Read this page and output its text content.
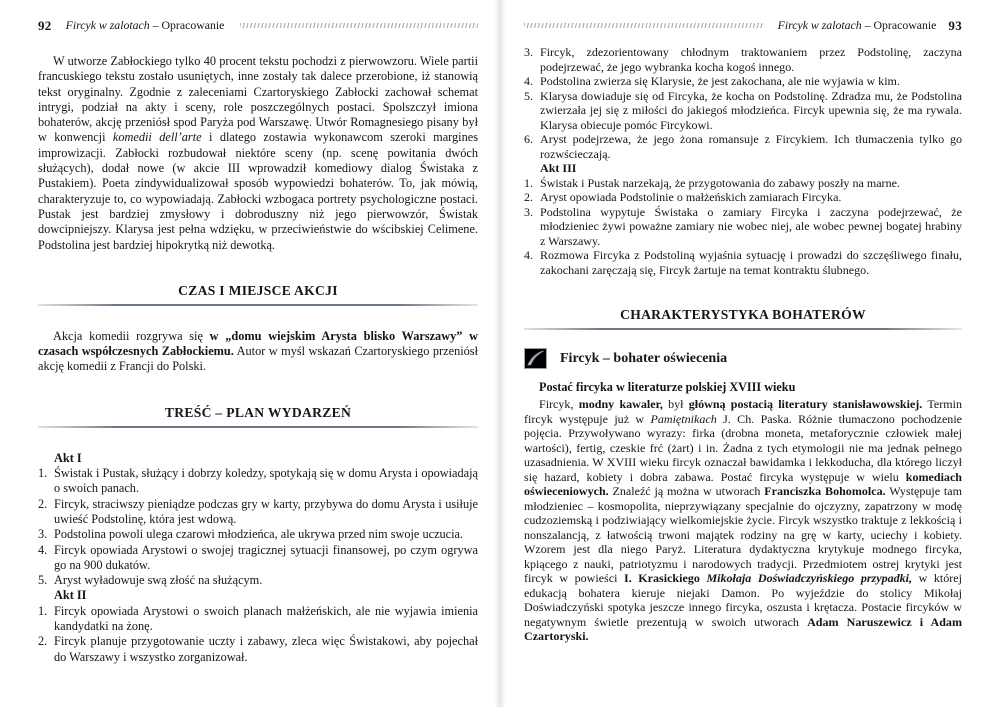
92 Fircyk w zalotach – Opracowanie
W utworze Zabłockiego tylko 40 procent tekstu pochodzi z pierwowzoru. Wiele partii francuskiego tekstu zostało usuniętych, inne zostały tak dalece przerobione, iż stanowią tekst oryginalny. Zgodnie z zaleceniami Czartoryskiego Zabłocki zachował schemat intrygi, podział na akty i sceny, role poszczególnych postaci. Spolszczył imiona bohaterów, akcję przeniósł spod Paryża pod Warszawę. Utwór Romagnesiego pisany był w konwencji komedii dell’arte i dlatego zostawia wykonawcom szeroki margines improwizacji. Zabłocki rozbudował niektóre sceny (np. scenę powitania dwóch służących), dodał nowe (w akcie III wprowadził komediowy dialog Świstaka z Pustakiem). Poeta zindywidualizował sposób wypowiedzi bohaterów. To, jak mówią, charakteryzuje to, co wypowiadają. Zabłocki wzbogaca portrety psychologiczne postaci. Pustak jest bardziej zmysłowy i dobroduszny niż jego pierwowzór, Świstak dowcipniejszy. Klarysa jest pełna wdzięku, w przeciwieństwie do wścibskiej Celimene. Podstolina jest bardziej hipokrytką niż dewotką.
CZAS I MIEJSCE AKCJI
Akcja komedii rozgrywa się w „domu wiejskim Arysta blisko Warszawy” w czasach współczesnych Zabłockiemu. Autor w myśl wskazań Czartoryskiego przeniósł akcję komedii z Francji do Polski.
TREŚĆ – PLAN WYDARZEŃ
Akt I
1. Świstak i Pustak, służący i dobrzy koledzy, spotykają się w domu Arysta i opowiadają o swoich panach.
2. Fircyk, straciwszy pieniądze podczas gry w karty, przybywa do domu Arysta i usiłuje uwieść Podstolinę, która jest wdową.
3. Podstolina powoli ulega czarowi młodzieńca, ale ukrywa przed nim swoje uczucia.
4. Fircyk opowiada Arystowi o swojej tragicznej sytuacji finansowej, po czym ogrywa go na 900 dukatów.
5. Aryst wyładowuje swą złość na służącym.
Akt II
1. Fircyk opowiada Arystowi o swoich planach małżeńskich, ale nie wyjawia imienia kandydatki na żonę.
2. Fircyk planuje przygotowanie uczty i zabawy, zleca więc Świstakowi, aby pojechał do Warszawy i wszystko zorganizował.
Fircyk w zalotach – Opracowanie 93
3. Fircyk, zdezorientowany chłodnym traktowaniem przez Podstolinę, zaczyna podejrzewać, że jego wybranka kocha kogoś innego.
4. Podstolina zwierza się Klarysie, że jest zakochana, ale nie wyjawia w kim.
5. Klarysa dowiaduje się od Fircyka, że kocha on Podstolinę. Zdradza mu, że Podstolina zwierzała jej się z miłości do jakiegoś młodzieńca. Fircyk upewnia się, że ma rywala. Klarysa obiecuje pomóc Fircykowi.
6. Aryst podejrzewa, że jego żona romansuje z Fircykiem. Ich tłumaczenia tylko go rozwścieczają.
Akt III
1. Świstak i Pustak narzekają, że przygotowania do zabawy poszły na marne.
2. Aryst opowiada Podstolinie o małżeńskich zamiarach Fircyka.
3. Podstolina wypytuje Świstaka o zamiary Fircyka i zaczyna podejrzewać, że młodzieniec żywi poważne zamiary nie wobec niej, ale wobec pewnej bogatej hrabiny z Warszawy.
4. Rozmowa Fircyka z Podstoliną wyjaśnia sytuację i prowadzi do szczęśliwego finału, zakochani zaręczają się, Fircyk żartuje na temat kontraktu ślubnego.
CHARAKTERYSTYKA BOHATERÓW
Fircyk – bohater oświecenia
Postać fircyka w literaturze polskiej XVIII wieku
Fircyk, modny kawaler, był główną postacią literatury stanisławowskiej. Termin fircyk występuje już w Pamiętnikach J. Ch. Paska. Różnie tłumaczono pochodzenie pojęcia. Przywoływano wyrazy: firka (drobna moneta, metaforycznie człowiek małej wartości), fertig, czeskie frć (żart) i in. Żadna z tych etymologii nie ma jednak pełnego uzasadnienia. W XVIII wieku fircyk oznaczał bawidamka i lekkoducha, dla którego liczył się hazard, kobiety i dobra zabawa. Postać fircyka występuje w wielu komediach oświeceniowych. Znaleźć ją można w utworach Franciszka Bohomolca. Występuje tam młodzieniec – kosmopolita, nieprzywiązany specjalnie do ojczyzny, zapatrzony w modę cudzoziemską i podziwiający wielkomiejskie życie. Fircyk wszystko traktuje z lekkością i nonszalancją, z łatwością trwoni majątek rodziny na grę w karty, uciechy i kobiety. Wzorem jest dla niego Paryż. Literatura dydaktyczna krytykuje modnego fircyka, kpiącego z nauki, patriotyzmu i narodowych tradycji. Przedmiotem ostrej krytyki jest fircyk w powieści I. Krasickiego Mikołaja Doświadczyńskiego przypadki, w której edukacją bohatera kieruje niejaki Damon. Po wyjeździe do stolicy Mikołaj Doświadczyński spotyka jeszcze innego fircyka, oszusta i krętacza. Postacie fircyków w negatywnym świetle prezentują w swoich utworach Adam Naruszewicz i Adam Czartoryski.
